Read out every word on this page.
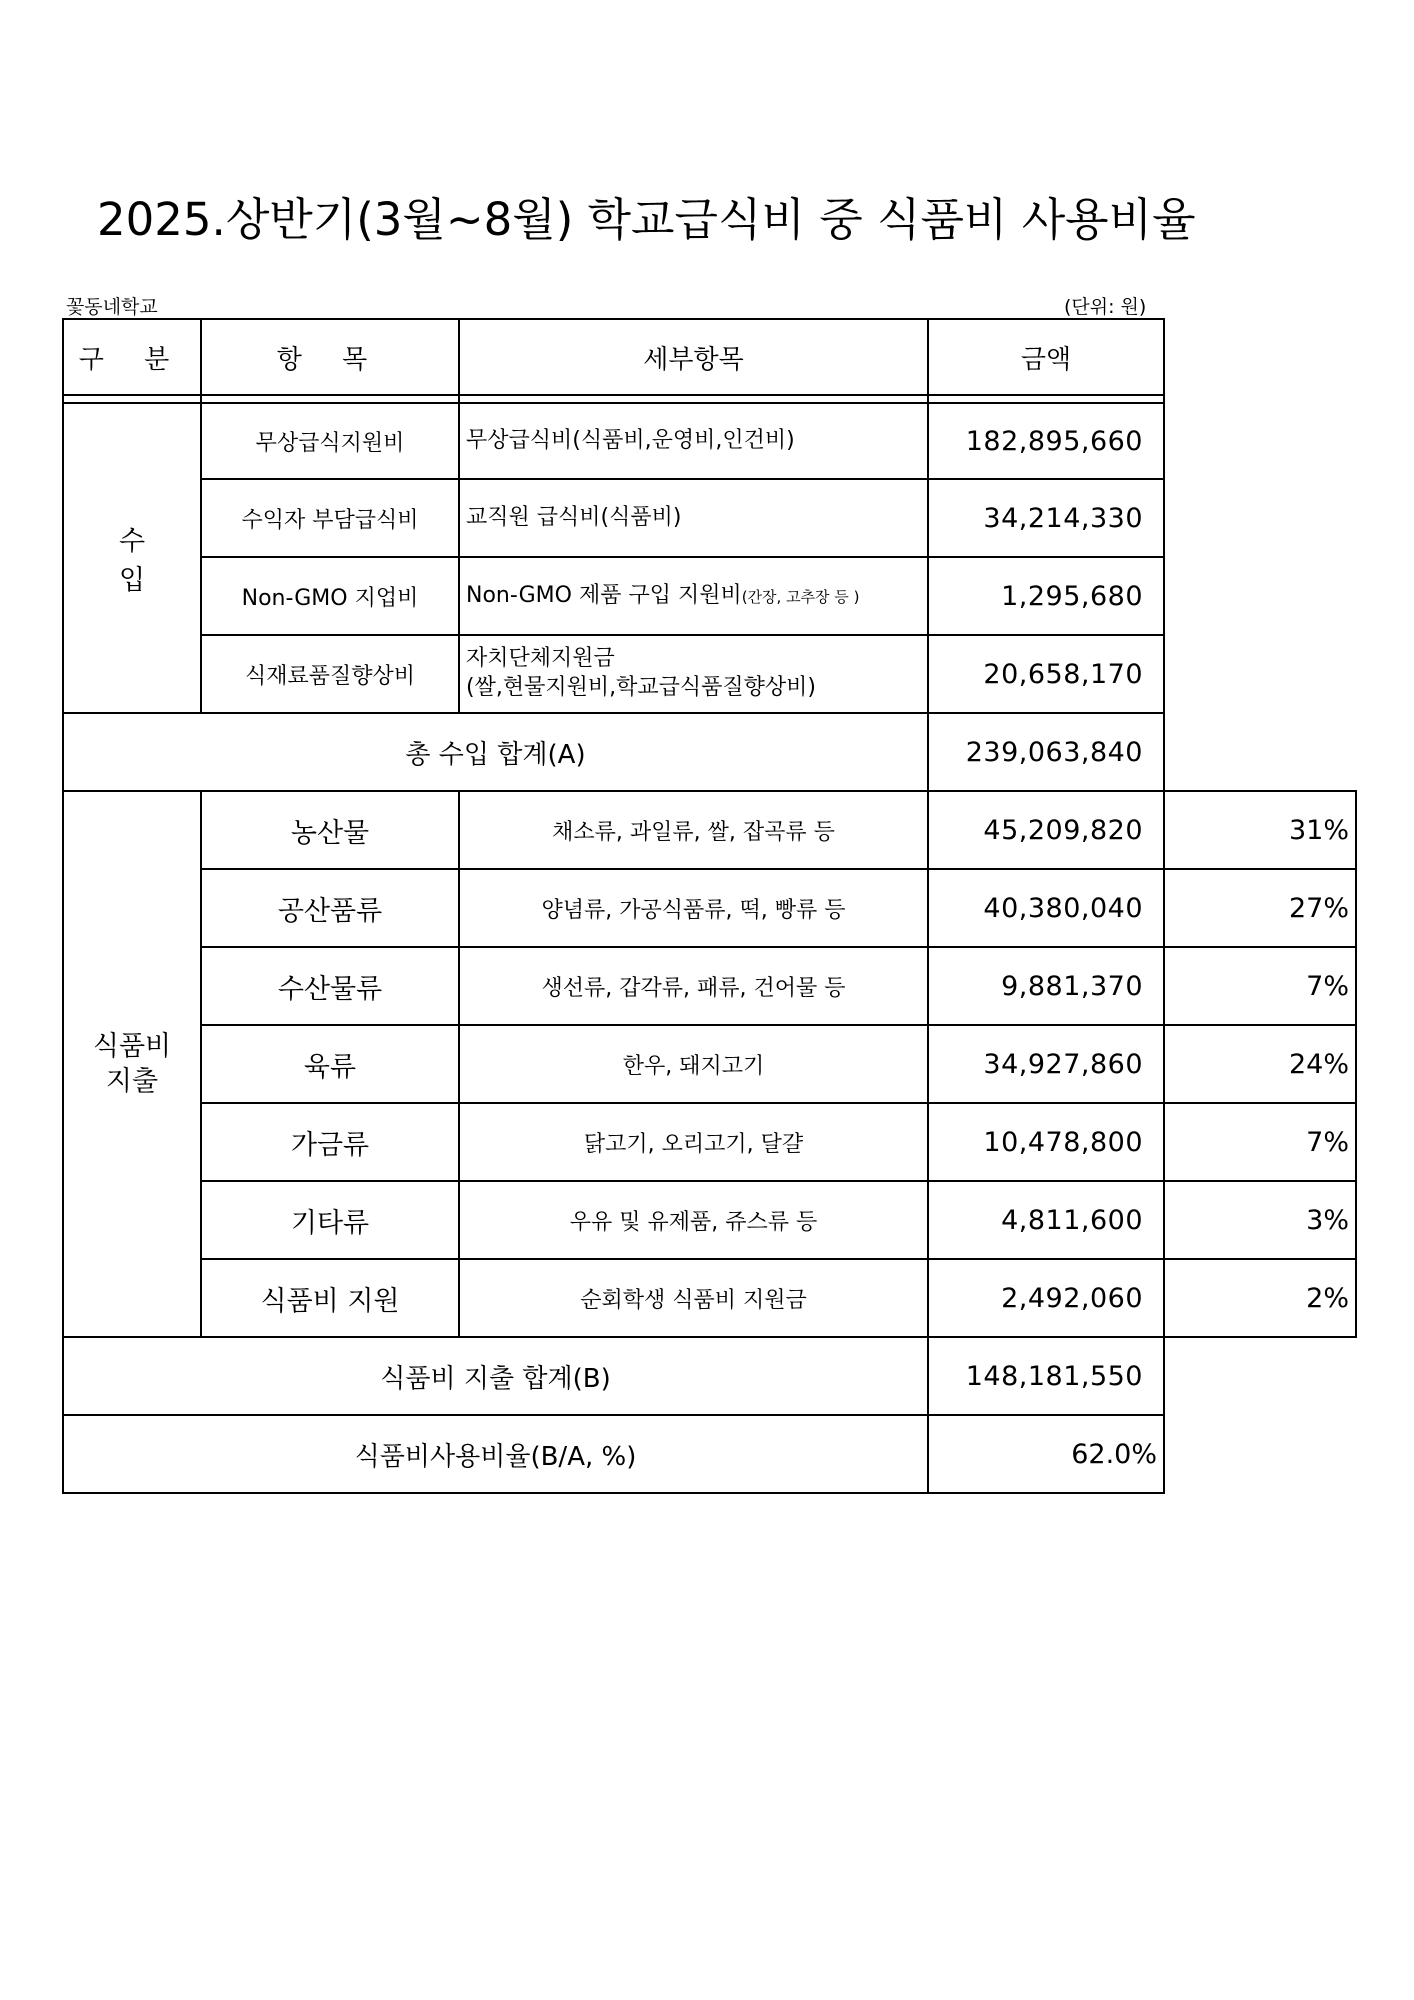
2025.상반기(3월~8월) 학교급식비 중 식품비 사용비율
꽃동네학교	(단위: 원)
구 분	항 목	세부항목	금액	

수 입	무상급식지원비	무상급식비(식품비,운영비,인건비)	182,895,660	
	수익자 부담급식비	교직원 급식비(식품비)	34,214,330	
	Non-GMO 지업비	Non-GMO 제품 구입 지원비(간장, 고추장 등 )	1,295,680	
	식재료품질향상비	자치단체지원금
(쌀,현물지원비,학교급식품질향상비)	20,658,170	
총 수입 합계(A)			239,063,840	

식품비
지출	농산물	채소류, 과일류, 쌀, 잡곡류 등	45,209,820	31%
	공산품류	양념류, 가공식품류, 떡, 빵류 등	40,380,040	27%
	수산물류	생선류, 갑각류, 패류, 건어물 등	9,881,370	7%
	육류	한우, 돼지고기	34,927,860	24%
	가금류	닭고기, 오리고기, 달걀	10,478,800	7%
	기타류	우유 및 유제품, 쥬스류 등	4,811,600	3%
	식품비 지원	순회학생 식품비 지원금	2,492,060	2%
식품비 지출 합계(B)			148,181,550	
식품비사용비율(B/A, %)			62.0%	
